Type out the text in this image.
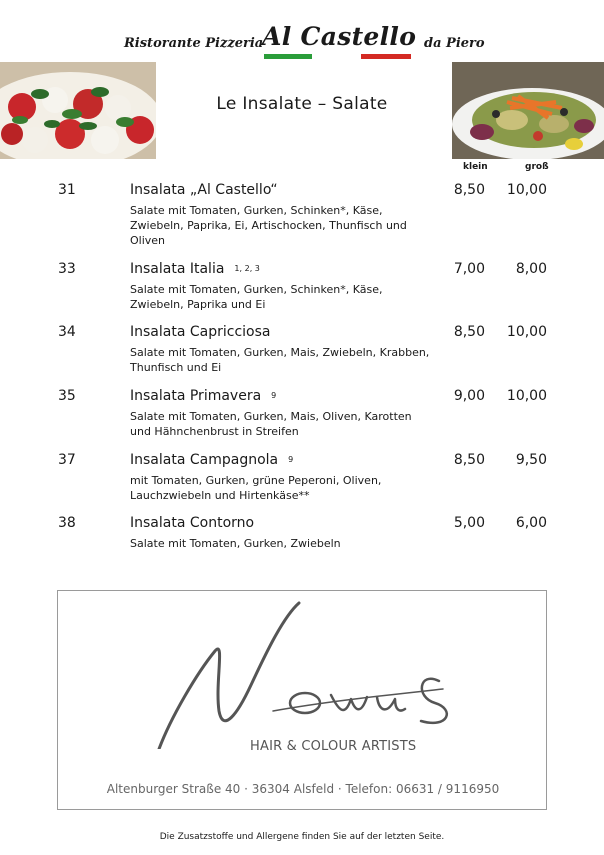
Ristorante Pizzeria
Al Castello da Piero
Le Insalate – Salate
klein	groß
31	Insalata „Al Castello“
Salate mit Tomaten, Gurken, Schinken*, Käse, Zwiebeln, Paprika, Ei, Artischocken, Thunfisch und Oliven
8,50 10,00
33	Insalata Italia 1, 2, 3
Salate mit Tomaten, Gurken, Schinken*, Käse, Zwiebeln, Paprika und Ei
7,00 8,00
34	Insalata Capricciosa
Salate mit Tomaten, Gurken, Mais, Zwiebeln, Krabben, Thunfisch und Ei
8,50 10,00
35	Insalata Primavera 9
Salate mit Tomaten, Gurken, Mais, Oliven, Karotten und Hähnchenbrust in Streifen
9,00 10,00
37	Insalata Campagnola 9
mit Tomaten, Gurken, grüne Peperoni, Oliven, Lauchzwiebeln und Hirtenkäse**
8,50 9,50
38	Insalata Contorno
Salate mit Tomaten, Gurken, Zwiebeln
5,00 6,00
HAIR & COLOUR ARTISTS
Altenburger Straße 40 · 36304 Alsfeld · Telefon: 06631 / 9116950
Die Zusatzstoffe und Allergene finden Sie auf der letzten Seite.
